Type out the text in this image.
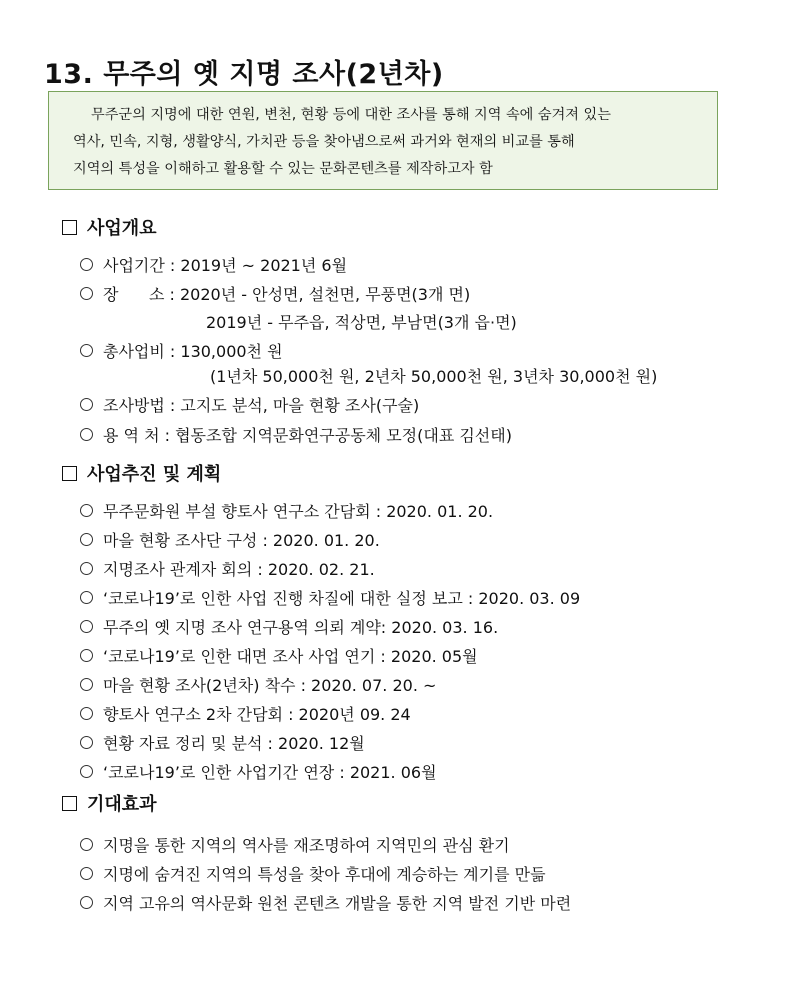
13. 무주의 옛 지명 조사(2년차)
무주군의 지명에 대한 연원, 변천, 현황 등에 대한 조사를 통해 지역 속에 숨겨져 있는
역사, 민속, 지형, 생활양식, 가치관 등을 찾아냄으로써 과거와 현재의 비교를 통해
지역의 특성을 이해하고 활용할 수 있는 문화콘텐츠를 제작하고자 함
사업개요
사업기간 : 2019년 ~ 2021년 6월
장      소 : 2020년 - 안성면, 설천면, 무풍면(3개 면)
2019년 - 무주읍, 적상면, 부남면(3개 읍·면)
총사업비 : 130,000천 원
(1년차 50,000천 원, 2년차 50,000천 원, 3년차 30,000천 원)
조사방법 : 고지도 분석, 마을 현황 조사(구술)
용 역 처 : 협동조합 지역문화연구공동체 모정(대표 김선태)
사업추진 및 계획
무주문화원 부설 향토사 연구소 간담회 : 2020. 01. 20.
마을 현황 조사단 구성 : 2020. 01. 20.
지명조사 관계자 회의 : 2020. 02. 21.
‘코로나19’로 인한 사업 진행 차질에 대한 실정 보고 : 2020. 03. 09
무주의 옛 지명 조사 연구용역 의뢰 계약: 2020. 03. 16.
‘코로나19’로 인한 대면 조사 사업 연기 : 2020. 05월
마을 현황 조사(2년차) 착수 : 2020. 07. 20. ~
향토사 연구소 2차 간담회 : 2020년 09. 24
현황 자료 정리 및 분석 : 2020. 12월
‘코로나19’로 인한 사업기간 연장 : 2021. 06월
기대효과
지명을 통한 지역의 역사를 재조명하여 지역민의 관심 환기
지명에 숨겨진 지역의 특성을 찾아 후대에 계승하는 계기를 만듦
지역 고유의 역사문화 원천 콘텐츠 개발을 통한 지역 발전 기반 마련
